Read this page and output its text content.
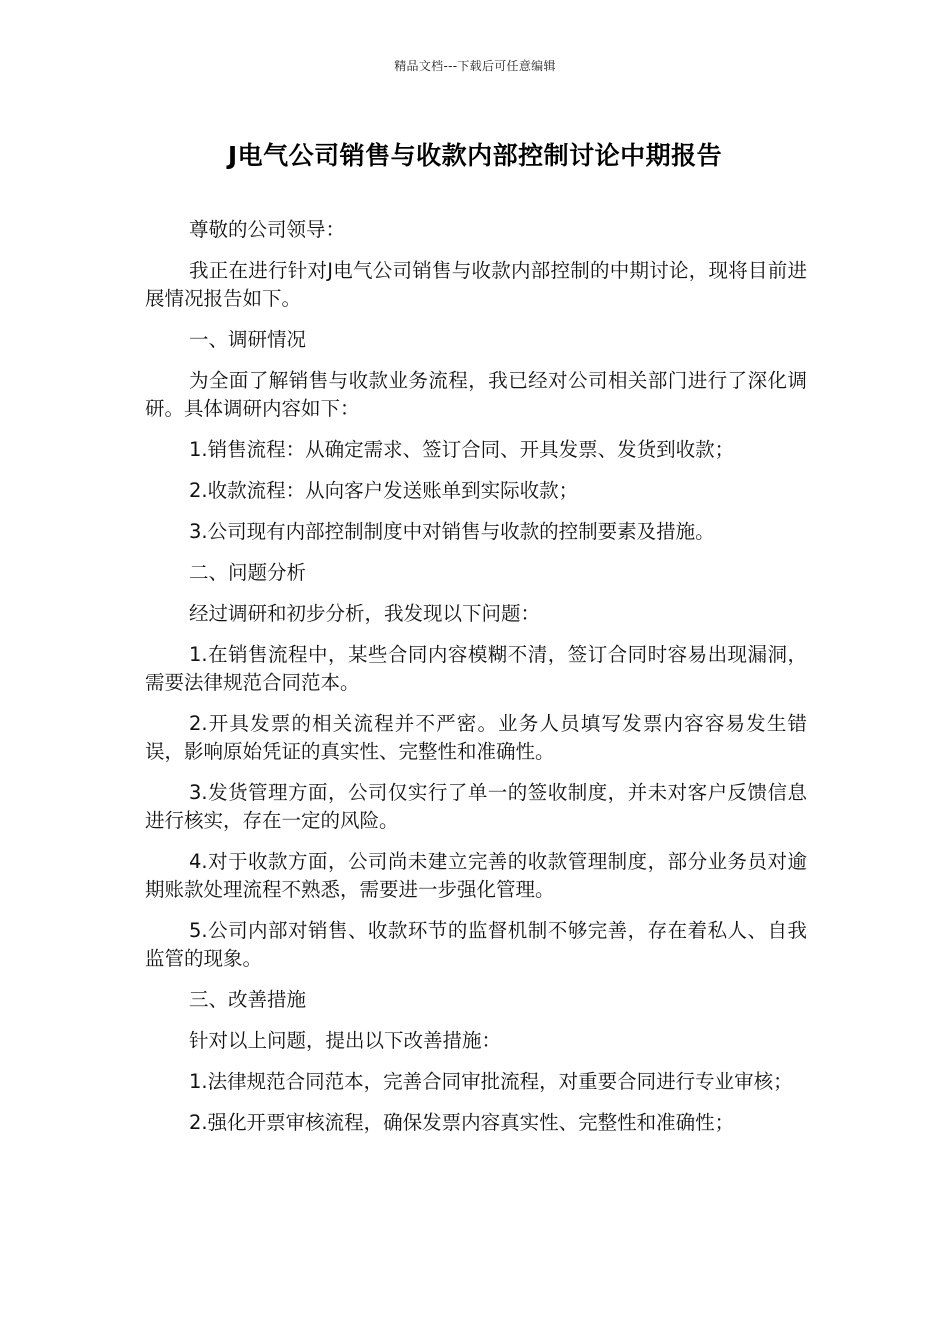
精品文档---下载后可任意编辑
J电气公司销售与收款内部控制讨论中期报告

尊敬的公司领导：

我正在进行针对J电气公司销售与收款内部控制的中期讨论，现将目前进展情况报告如下。

一、调研情况

为全面了解销售与收款业务流程，我已经对公司相关部门进行了深化调研。具体调研内容如下：

1.销售流程：从确定需求、签订合同、开具发票、发货到收款；

2.收款流程：从向客户发送账单到实际收款；

3.公司现有内部控制制度中对销售与收款的控制要素及措施。

二、问题分析

经过调研和初步分析，我发现以下问题：

1.在销售流程中，某些合同内容模糊不清，签订合同时容易出现漏洞，需要法律规范合同范本。

2.开具发票的相关流程并不严密。业务人员填写发票内容容易发生错误，影响原始凭证的真实性、完整性和准确性。

3.发货管理方面，公司仅实行了单一的签收制度，并未对客户反馈信息进行核实，存在一定的风险。

4.对于收款方面，公司尚未建立完善的收款管理制度，部分业务员对逾期账款处理流程不熟悉，需要进一步强化管理。

5.公司内部对销售、收款环节的监督机制不够完善，存在着私人、自我监管的现象。

三、改善措施

针对以上问题，提出以下改善措施：

1.法律规范合同范本，完善合同审批流程，对重要合同进行专业审核；

2.强化开票审核流程，确保发票内容真实性、完整性和准确性；
